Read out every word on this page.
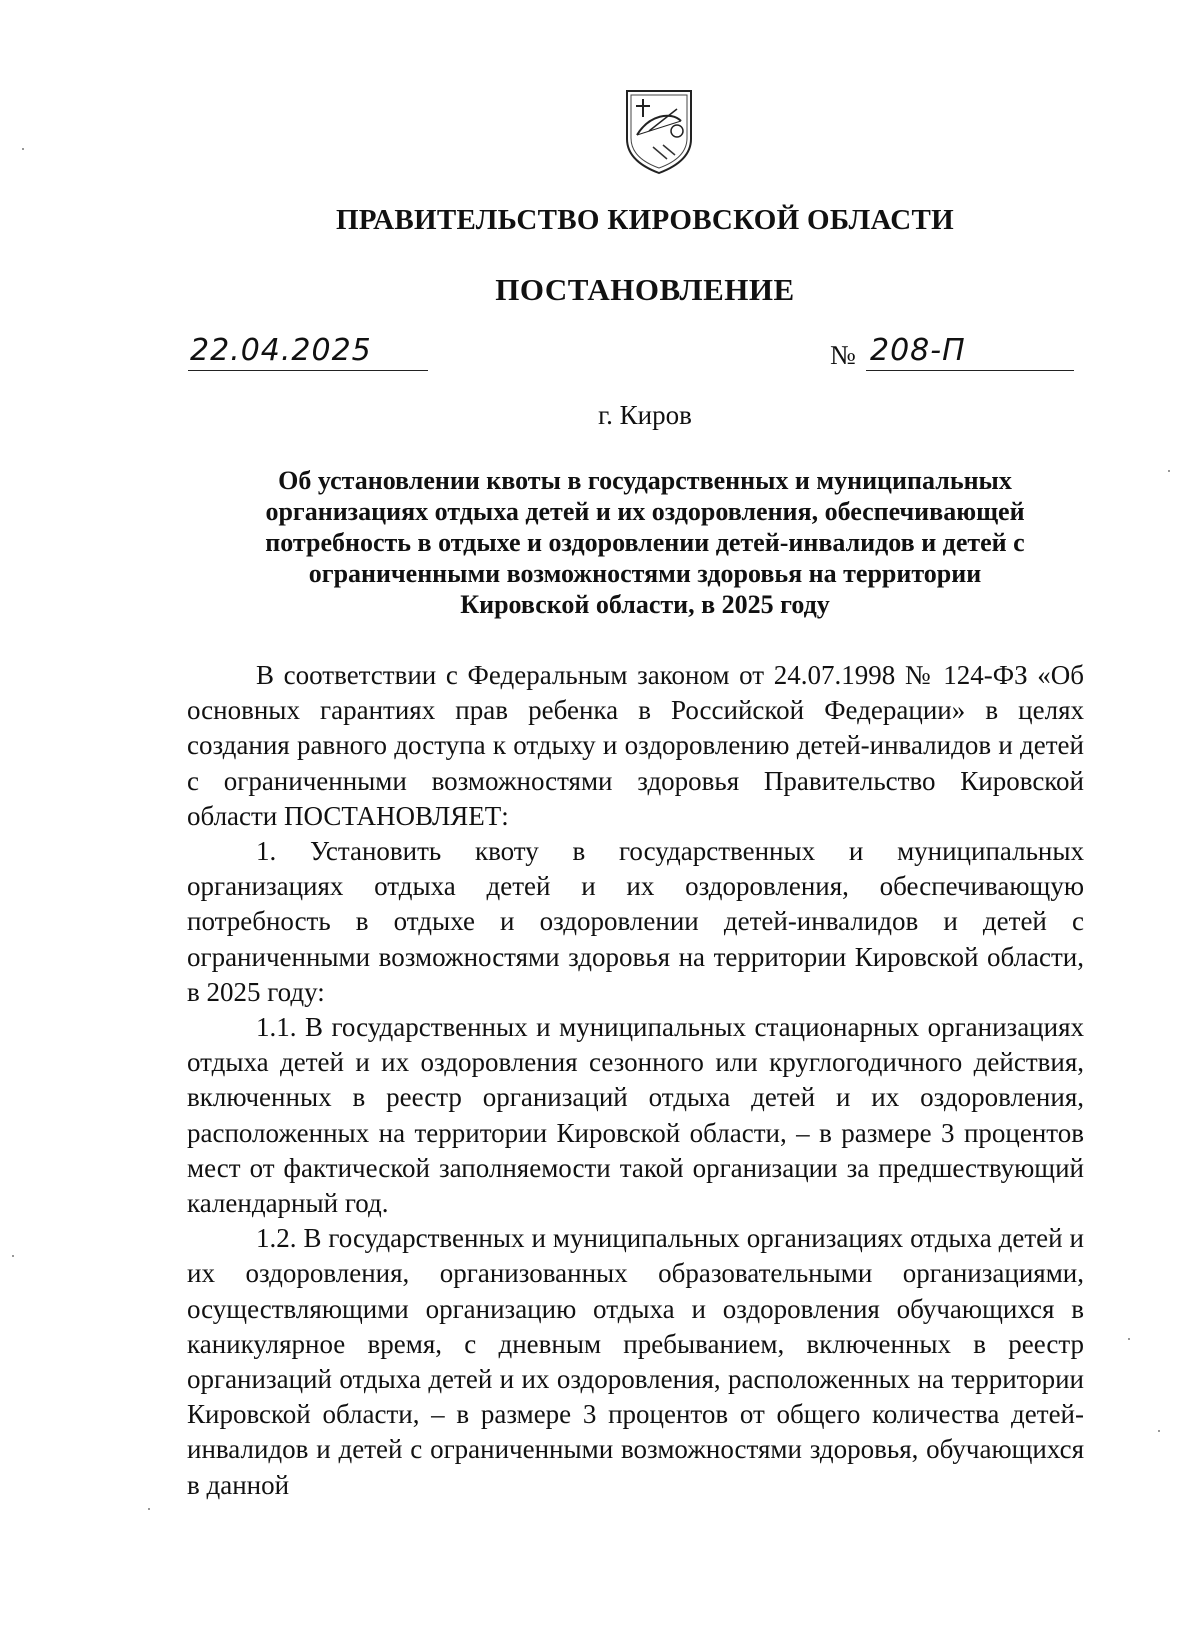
ПРАВИТЕЛЬСТВО КИРОВСКОЙ ОБЛАСТИ
ПОСТАНОВЛЕНИЕ
22.04.2025	№ 208-П
г. Киров
Об установлении квоты в государственных и муниципальных
организациях отдыха детей и их оздоровления, обеспечивающей
потребность в отдыхе и оздоровлении детей-инвалидов и детей с
ограниченными возможностями здоровья на территории
Кировской области, в 2025 году

В соответствии с Федеральным законом от 24.07.1998 № 124-ФЗ «Об основных гарантиях прав ребенка в Российской Федерации» в целях создания равного доступа к отдыху и оздоровлению детей-инвалидов и детей с ограниченными возможностями здоровья Правительство Кировской области ПОСТАНОВЛЯЕТ:

1. Установить квоту в государственных и муниципальных организациях отдыха детей и их оздоровления, обеспечивающую потребность в отдыхе и оздоровлении детей-инвалидов и детей с ограниченными возможностями здоровья на территории Кировской области, в 2025 году:

1.1. В государственных и муниципальных стационарных организациях отдыха детей и их оздоровления сезонного или круглогодичного действия, включенных в реестр организаций отдыха детей и их оздоровления, расположенных на территории Кировской области, – в размере 3 процентов мест от фактической заполняемости такой организации за предшествующий календарный год.

1.2. В государственных и муниципальных организациях отдыха детей и их оздоровления, организованных образовательными организациями, осуществляющими организацию отдыха и оздоровления обучающихся в каникулярное время, с дневным пребыванием, включенных в реестр организаций отдыха детей и их оздоровления, расположенных на территории Кировской области, – в размере 3 процентов от общего количества детей-инвалидов и детей с ограниченными возможностями здоровья, обучающихся в данной
